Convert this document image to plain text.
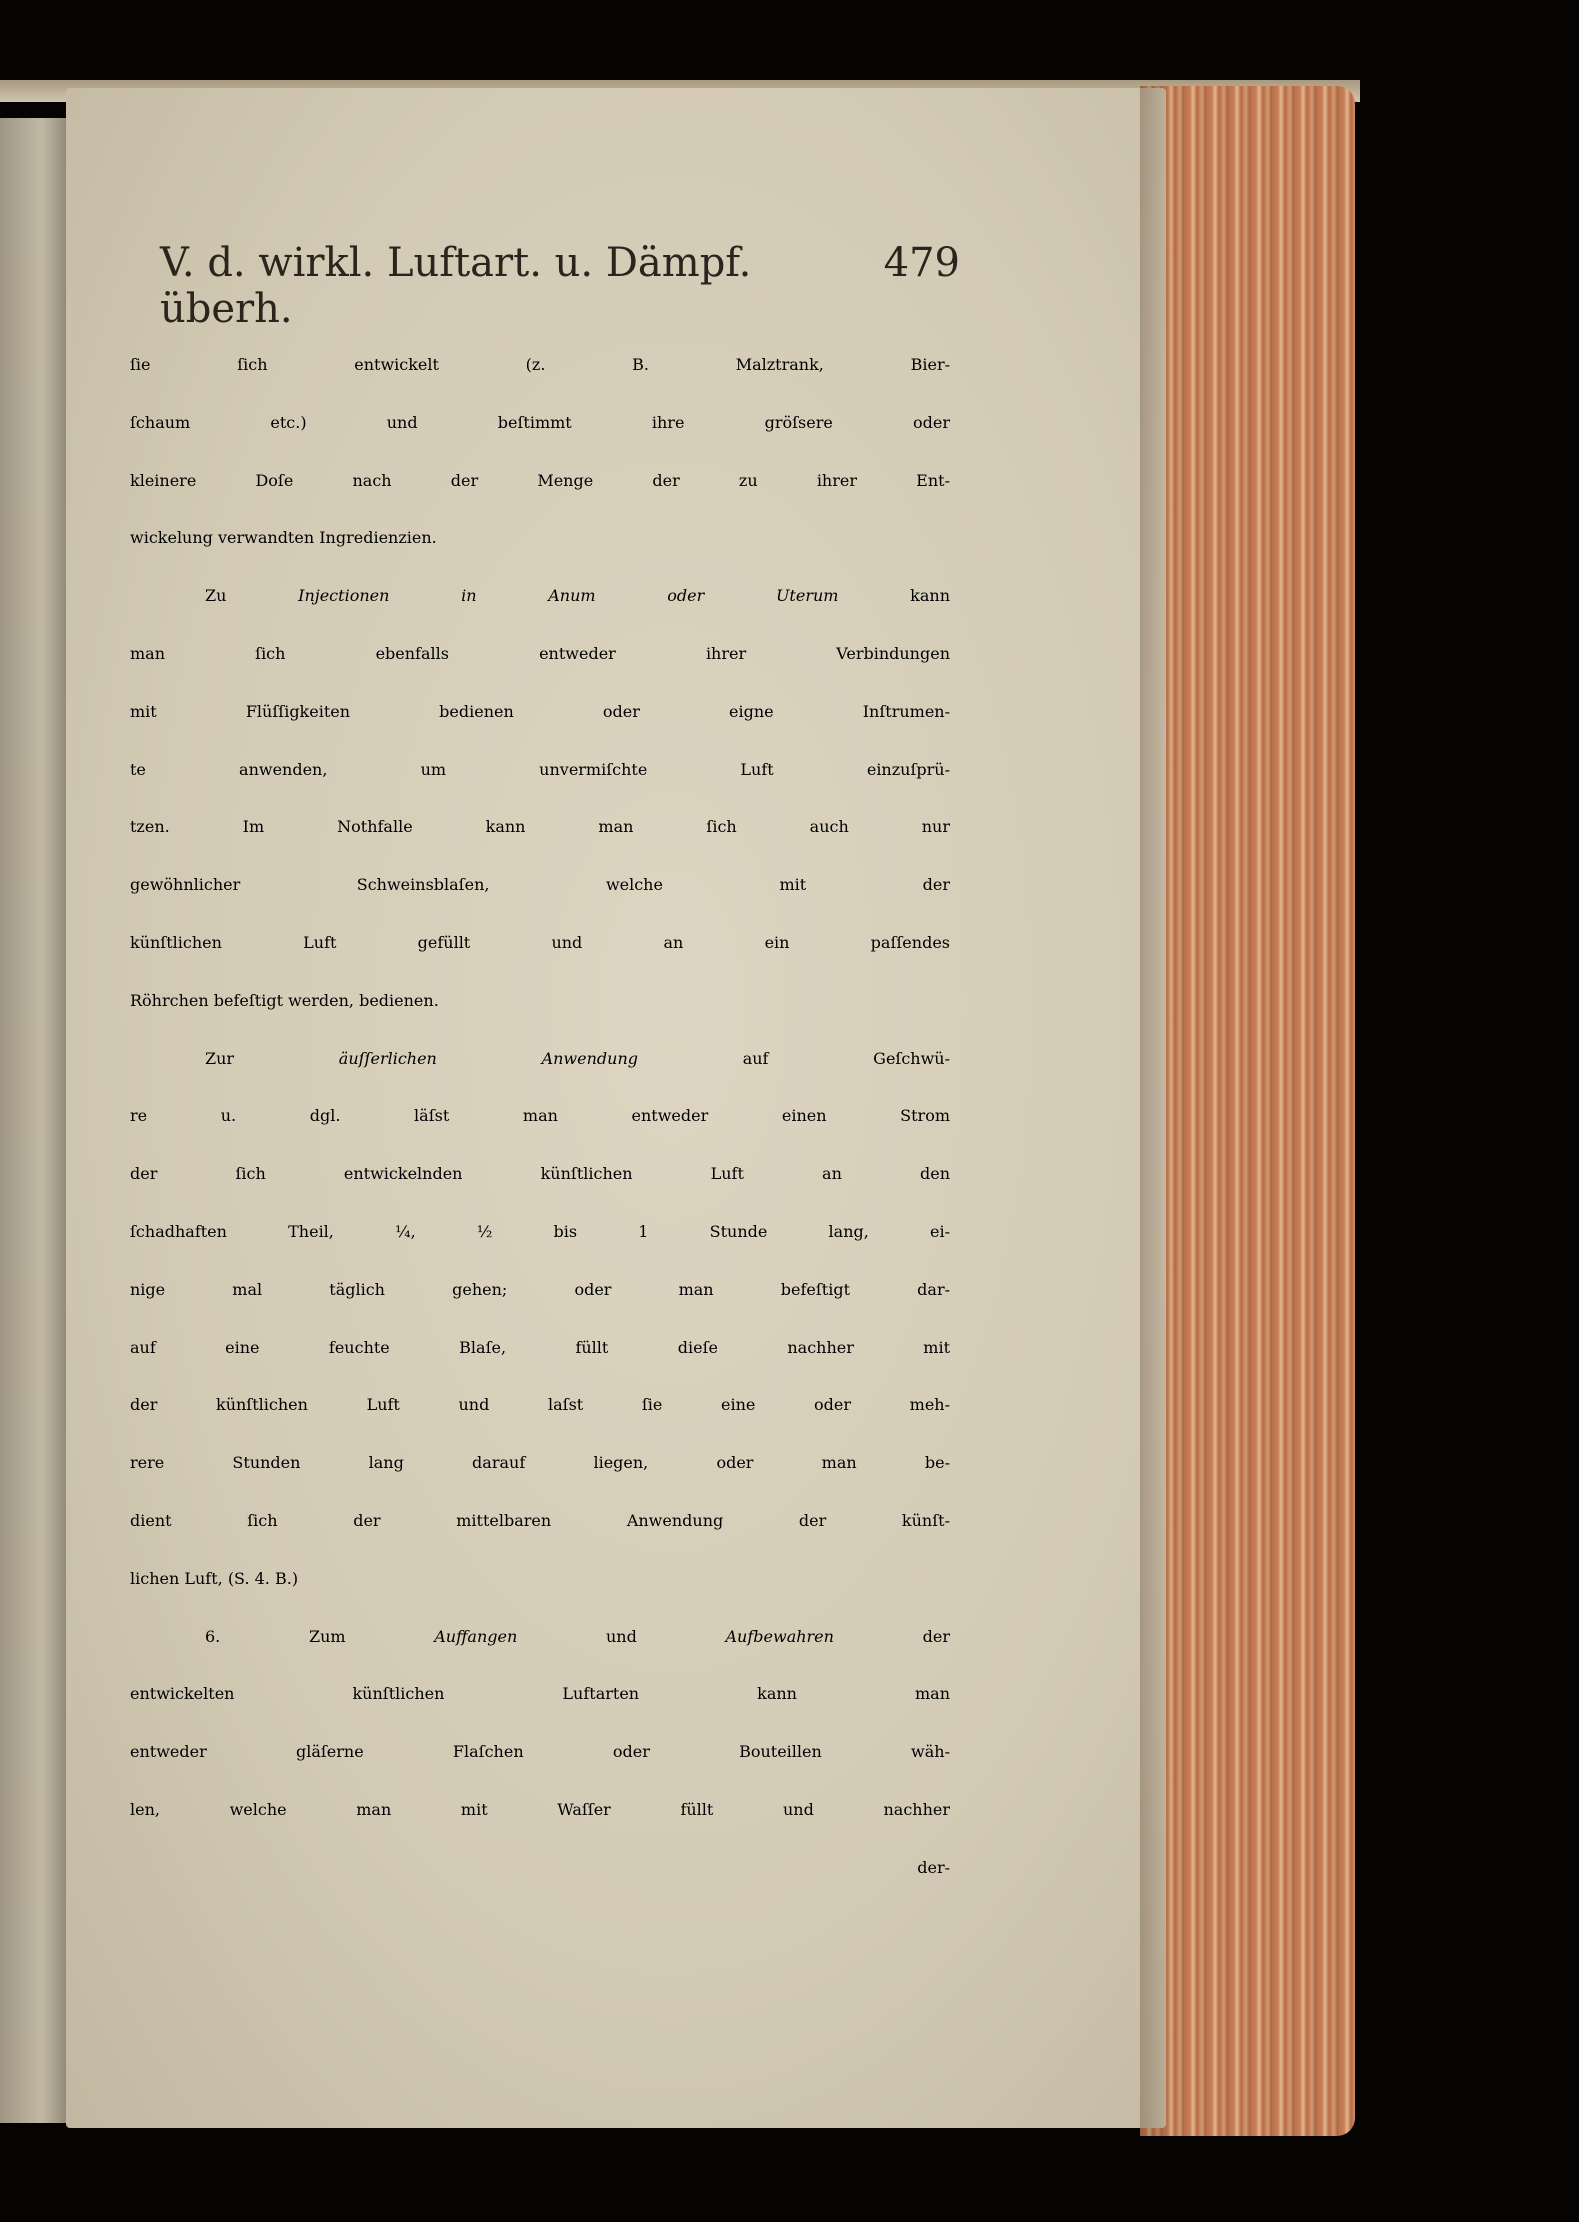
V. d. wirkl. Luftart. u. Dämpf. überh.
479
ſie ſich entwickelt (z. B. Malztrank, Bier-
ſchaum etc.) und beſtimmt ihre gröſsere oder
kleinere Doſe nach der Menge der zu ihrer Ent-
wickelung verwandten Ingredienzien.
Zu Injectionen in Anum oder Uterum kann
man ſich ebenfalls entweder ihrer Verbindungen
mit Flüſſigkeiten bedienen oder eigne Inſtrumen-
te anwenden, um unvermiſchte Luft einzuſprü-
tzen. Im Nothfalle kann man ſich auch nur
gewöhnlicher Schweinsblaſen, welche mit der
künſtlichen Luft gefüllt und an ein paſſendes
Röhrchen befeſtigt werden, bedienen.
Zur äuſſerlichen Anwendung auf Geſchwü-
re u. dgl. läſst man entweder einen Strom
der ſich entwickelnden künſtlichen Luft an den
ſchadhaften Theil, ¼, ½ bis 1 Stunde lang, ei-
nige mal täglich gehen; oder man befeſtigt dar-
auf eine feuchte Blaſe, füllt dieſe nachher mit
der künſtlichen Luft und laſst ſie eine oder meh-
rere Stunden lang darauf liegen, oder man be-
dient ſich der mittelbaren Anwendung der künſt-
lichen Luft, (S. 4. B.)
6. Zum Auffangen und Aufbewahren der
entwickelten künſtlichen Luftarten kann man
entweder gläſerne Flaſchen oder Bouteillen wäh-
len, welche man mit Waſſer füllt und nachher
der-
